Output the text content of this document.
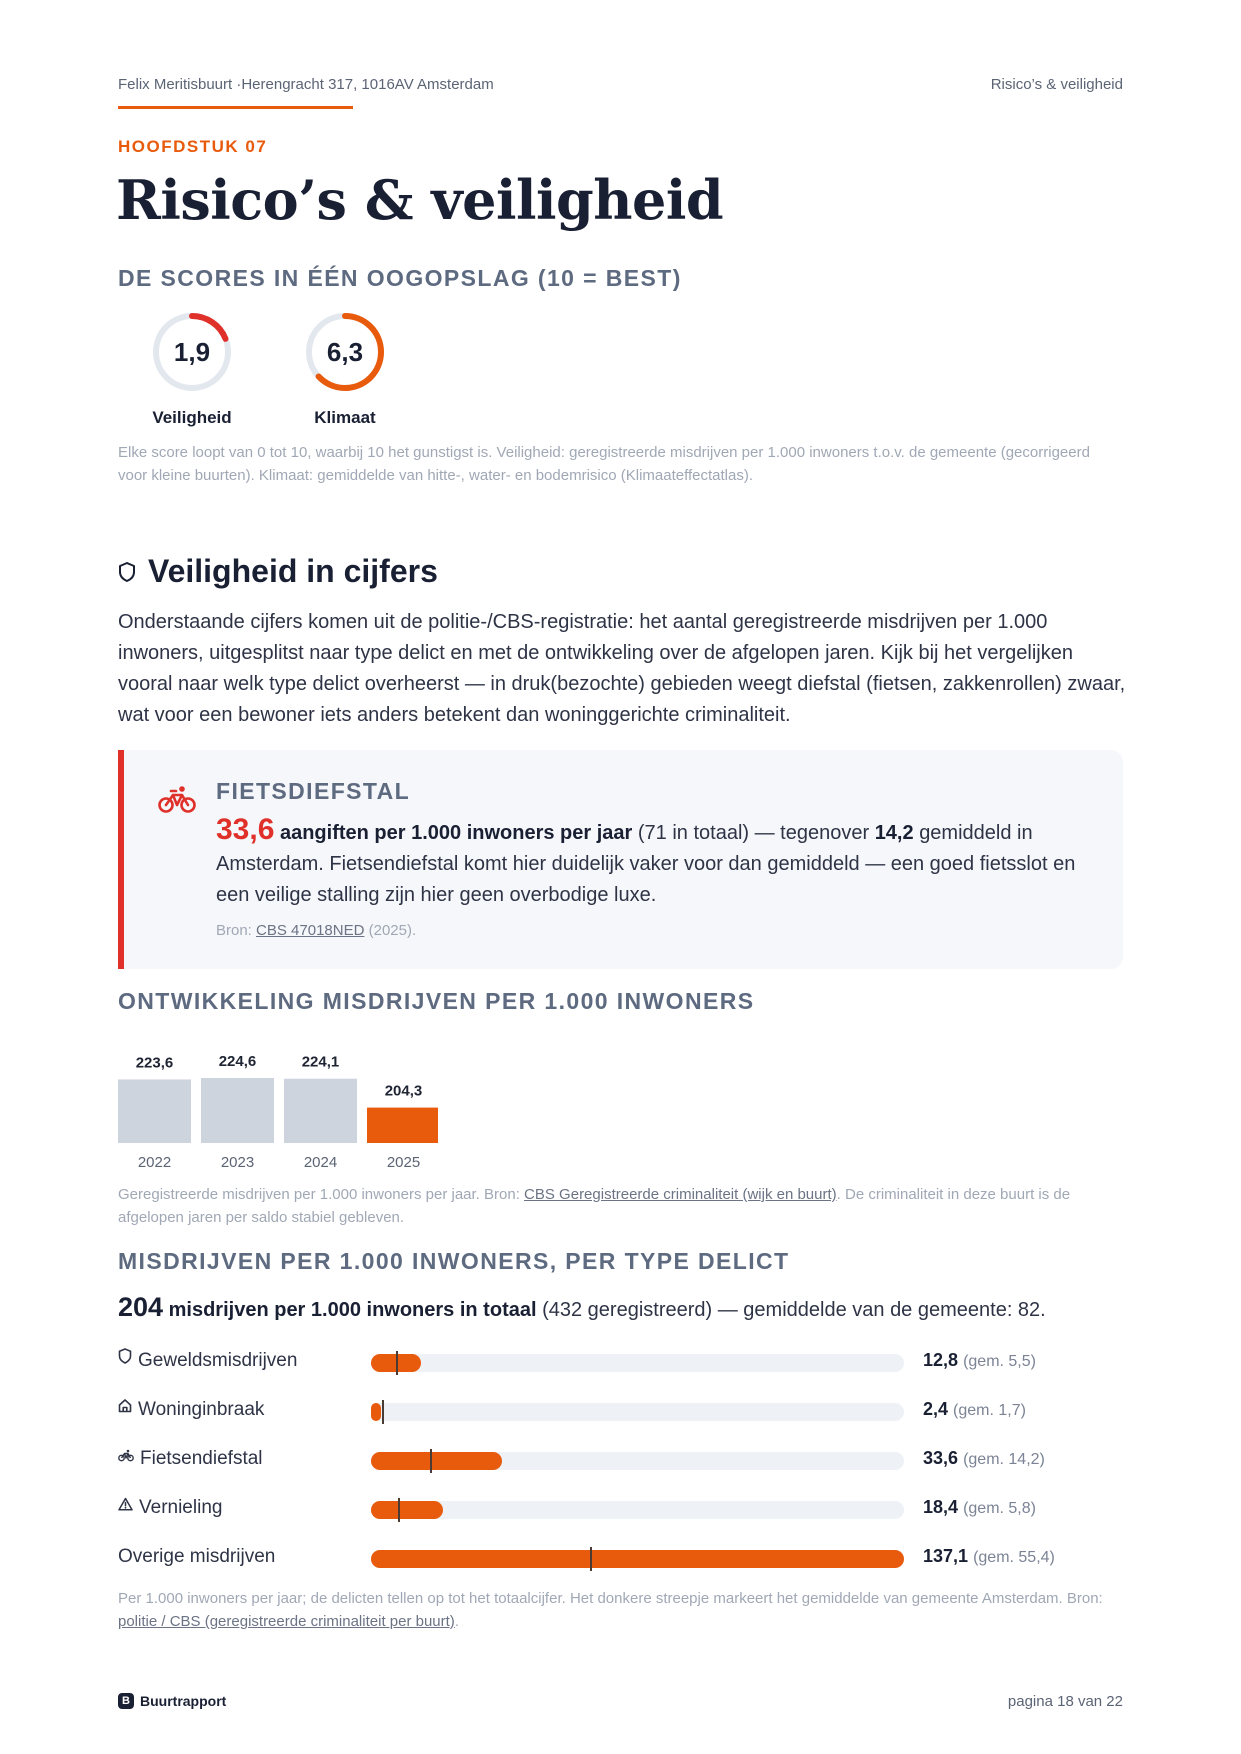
Felix Meritisbuurt ·Herengracht 317, 1016AV Amsterdam	Risico’s & veiligheid
HOOFDSTUK 07
Risico’s & veiligheid
DE SCORES IN ÉÉN OOGOPSLAG (10 = BEST)
1,9
Veiligheid
6,3
Klimaat
Elke score loopt van 0 tot 10, waarbij 10 het gunstigst is. Veiligheid: geregistreerde misdrijven per 1.000 inwoners t.o.v. de gemeente (gecorrigeerd voor kleine buurten). Klimaat: gemiddelde van hitte-, water- en bodemrisico (Klimaateffectatlas).
Veiligheid in cijfers
Onderstaande cijfers komen uit de politie-/CBS-registratie: het aantal geregistreerde misdrijven per 1.000 inwoners, uitgesplitst naar type delict en met de ontwikkeling over de afgelopen jaren. Kijk bij het vergelijken vooral naar welk type delict overheerst — in druk(bezochte) gebieden weegt diefstal (fietsen, zakkenrollen) zwaar, wat voor een bewoner iets anders betekent dan woninggerichte criminaliteit.
FIETSDIEFSTAL
33,6 aangiften per 1.000 inwoners per jaar (71 in totaal) — tegenover 14,2 gemiddeld in Amsterdam. Fietsendiefstal komt hier duidelijk vaker voor dan gemiddeld — een goed fietsslot en een veilige stalling zijn hier geen overbodige luxe.
Bron: CBS 47018NED (2025).
ONTWIKKELING MISDRIJVEN PER 1.000 INWONERS
223,6
2022
224,6
2023
224,1
2024
204,3
2025
Geregistreerde misdrijven per 1.000 inwoners per jaar. Bron: CBS Geregistreerde criminaliteit (wijk en buurt). De criminaliteit in deze buurt is de afgelopen jaren per saldo stabiel gebleven.
MISDRIJVEN PER 1.000 INWONERS, PER TYPE DELICT
204 misdrijven per 1.000 inwoners in totaal (432 geregistreerd) — gemiddelde van de gemeente: 82.
Geweldsmisdrijven	12,8 (gem. 5,5)
Woninginbraak	2,4 (gem. 1,7)
Fietsendiefstal	33,6 (gem. 14,2)
Vernieling	18,4 (gem. 5,8)
Overige misdrijven	137,1 (gem. 55,4)
Per 1.000 inwoners per jaar; de delicten tellen op tot het totaalcijfer. Het donkere streepje markeert het gemiddelde van gemeente Amsterdam. Bron: politie / CBS (geregistreerde criminaliteit per buurt).
B Buurtrapport	pagina 18 van 22
